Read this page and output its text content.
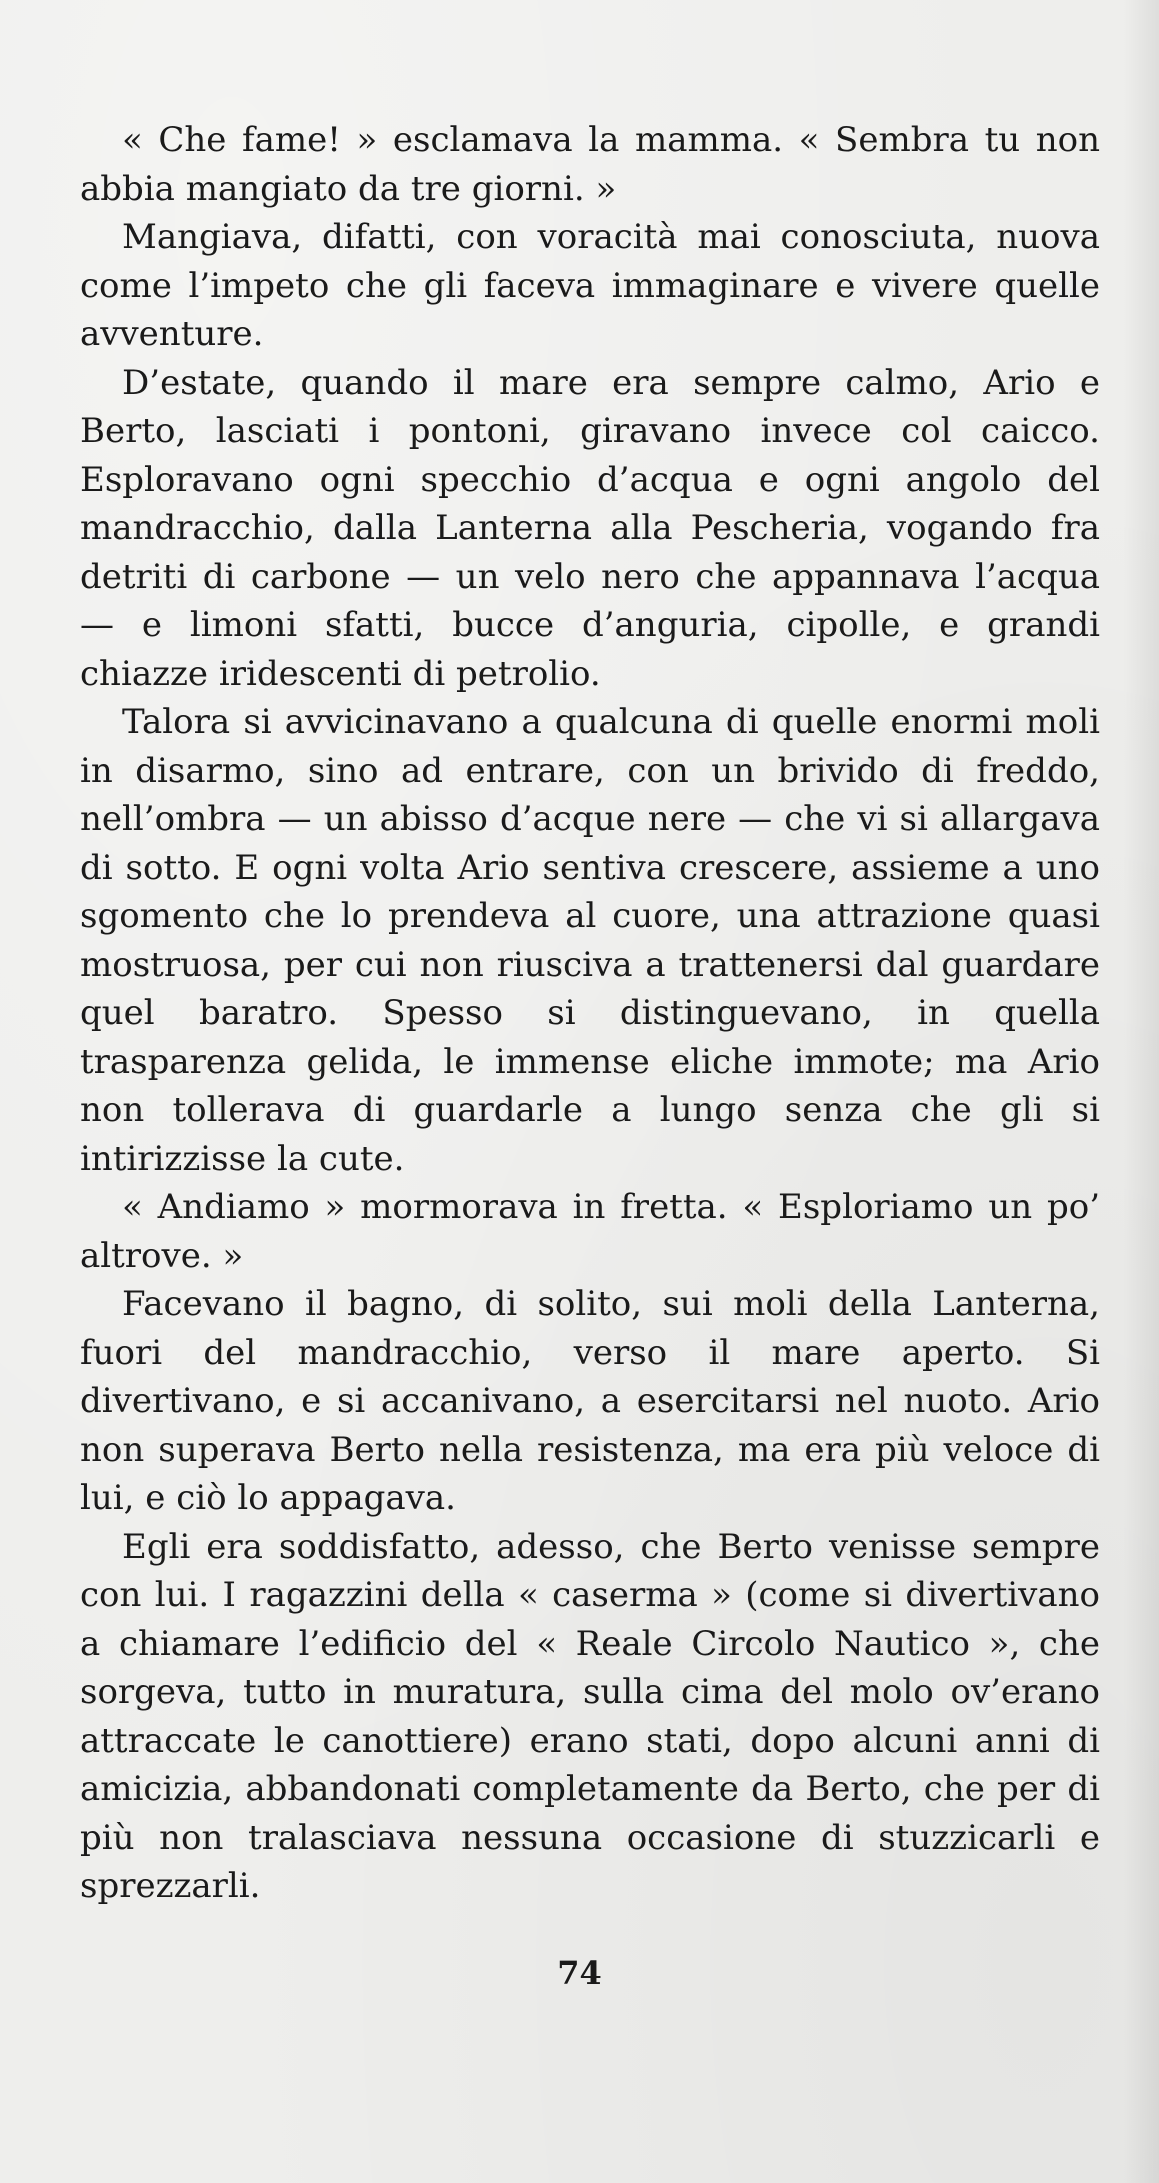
« Che fame! » esclamava la mamma. « Sembra tu non abbia mangiato da tre giorni. »

Mangiava, difatti, con voracità mai conosciuta, nuova come l’impeto che gli faceva immaginare e vivere quelle avventure.

D’estate, quando il mare era sempre calmo, Ario e Berto, lasciati i pontoni, giravano invece col caicco. Esploravano ogni specchio d’acqua e ogni angolo del mandracchio, dalla Lanterna alla Pescheria, vogando fra detriti di carbone — un velo nero che appannava l’acqua — e limoni sfatti, bucce d’anguria, cipolle, e grandi chiazze iridescenti di petrolio.

Talora si avvicinavano a qualcuna di quelle enormi moli in disarmo, sino ad entrare, con un brivido di freddo, nell’ombra — un abisso d’acque nere — che vi si allargava di sotto. E ogni volta Ario sentiva crescere, assieme a uno sgomento che lo prendeva al cuore, una attrazione quasi mostruosa, per cui non riusciva a trattenersi dal guardare quel baratro. Spesso si distinguevano, in quella trasparenza gelida, le immense eliche immote; ma Ario non tollerava di guardarle a lungo senza che gli si intirizzisse la cute.

« Andiamo » mormorava in fretta. « Esploriamo un po’ altrove. »

Facevano il bagno, di solito, sui moli della Lanterna, fuori del mandracchio, verso il mare aperto. Si divertivano, e si accanivano, a esercitarsi nel nuoto. Ario non superava Berto nella resistenza, ma era più veloce di lui, e ciò lo appagava.

Egli era soddisfatto, adesso, che Berto venisse sempre con lui. I ragazzini della « caserma » (come si divertivano a chiamare l’edificio del « Reale Circolo Nautico », che sorgeva, tutto in muratura, sulla cima del molo ov’erano attraccate le canottiere) erano stati, dopo alcuni anni di amicizia, abbandonati completamente da Berto, che per di più non tralasciava nessuna occasione di stuzzicarli e sprezzarli.

74
